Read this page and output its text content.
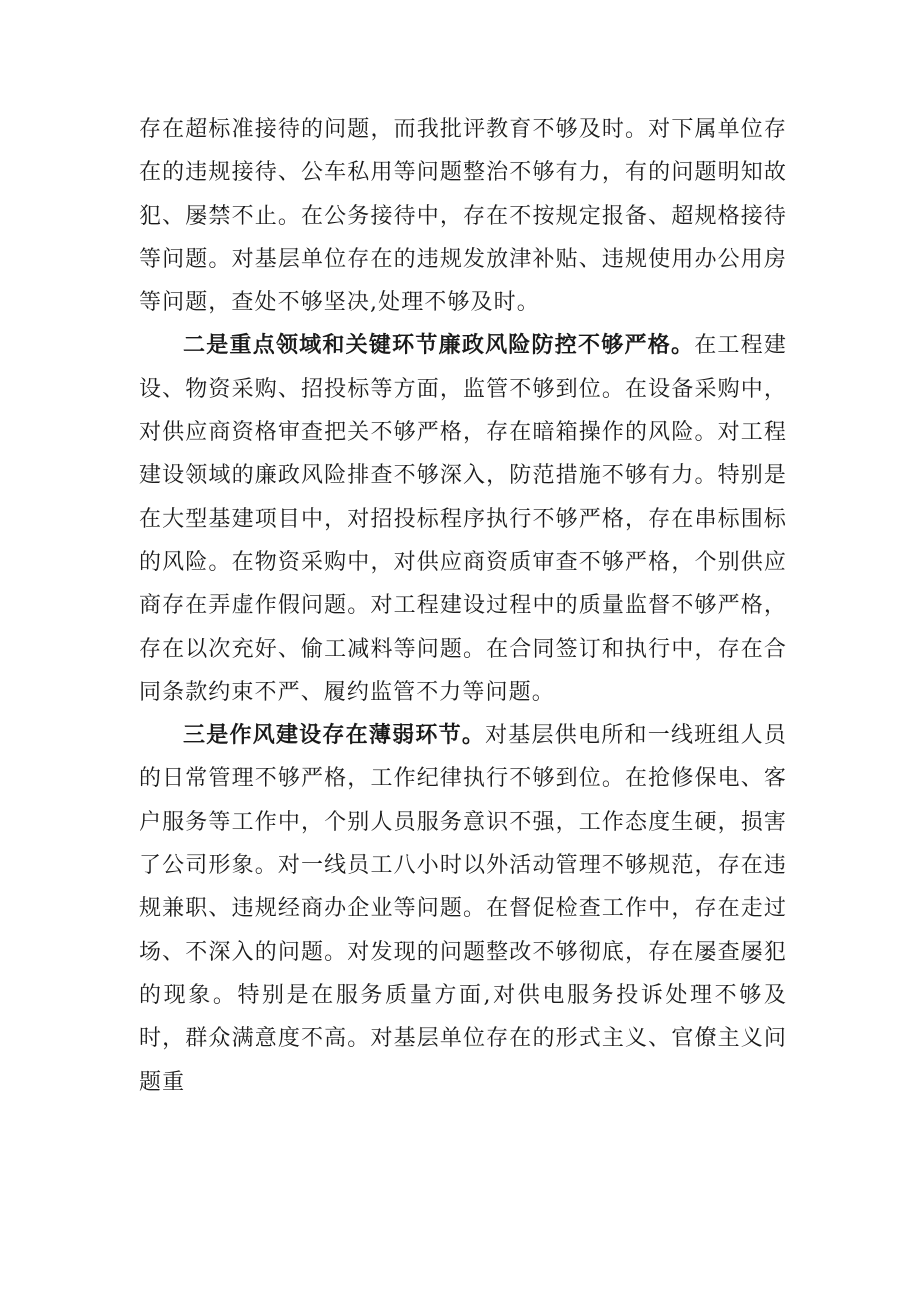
存在超标准接待的问题，而我批评教育不够及时。对下属单位存在的违规接待、公车私用等问题整治不够有力，有的问题明知故犯、屡禁不止。在公务接待中，存在不按规定报备、超规格接待等问题。对基层单位存在的违规发放津补贴、违规使用办公用房等问题，查处不够坚决,处理不够及时。

二是重点领域和关键环节廉政风险防控不够严格。在工程建设、物资采购、招投标等方面，监管不够到位。在设备采购中，对供应商资格审查把关不够严格，存在暗箱操作的风险。对工程建设领域的廉政风险排查不够深入，防范措施不够有力。特别是在大型基建项目中，对招投标程序执行不够严格，存在串标围标的风险。在物资采购中，对供应商资质审查不够严格，个别供应商存在弄虚作假问题。对工程建设过程中的质量监督不够严格，存在以次充好、偷工减料等问题。在合同签订和执行中，存在合同条款约束不严、履约监管不力等问题。

三是作风建设存在薄弱环节。对基层供电所和一线班组人员的日常管理不够严格，工作纪律执行不够到位。在抢修保电、客户服务等工作中，个别人员服务意识不强，工作态度生硬，损害了公司形象。对一线员工八小时以外活动管理不够规范，存在违规兼职、违规经商办企业等问题。在督促检查工作中，存在走过场、不深入的问题。对发现的问题整改不够彻底，存在屡查屡犯的现象。特别是在服务质量方面,对供电服务投诉处理不够及时，群众满意度不高。对基层单位存在的形式主义、官僚主义问题重
